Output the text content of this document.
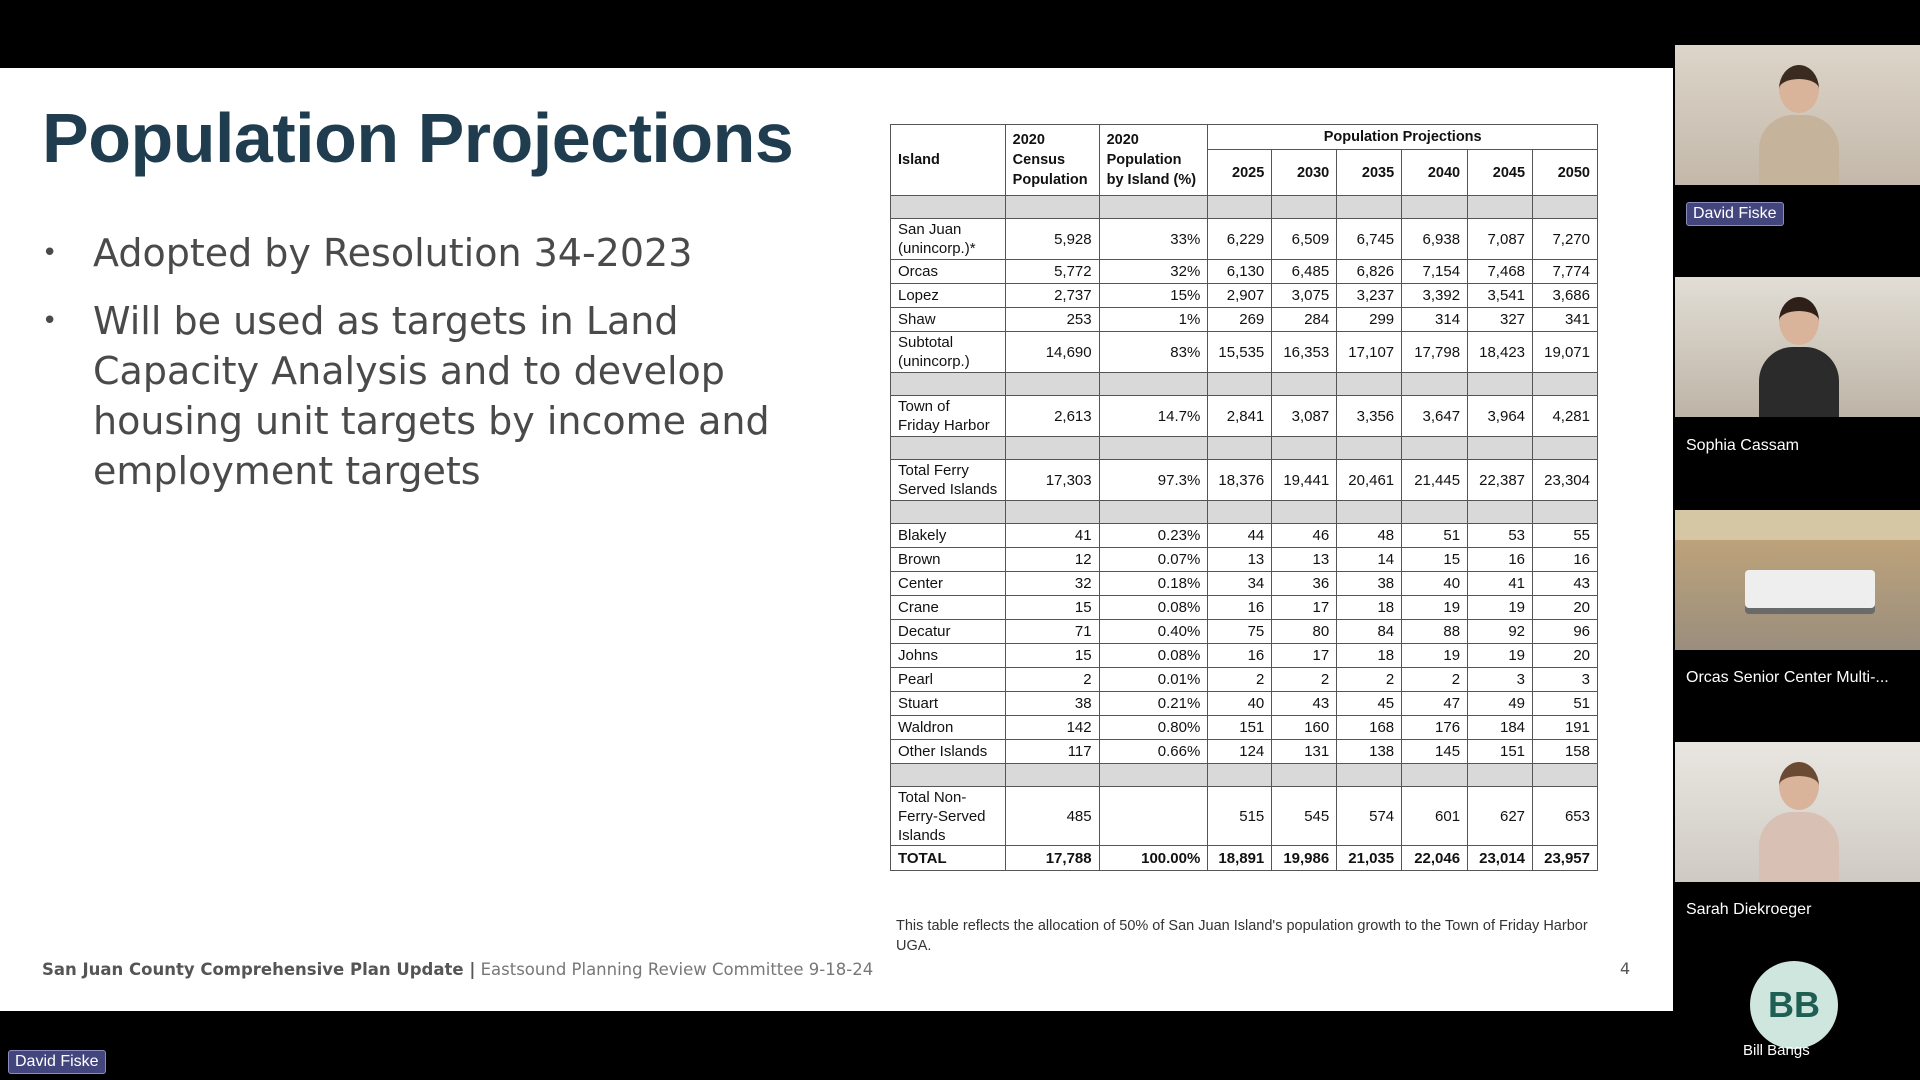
Population Projections
• Adopted by Resolution 34-2023
• Will be used as targets in Land Capacity Analysis and to develop housing unit targets by income and employment targets
Island	2020
Census
Population	2020
Population
by Island (%)	Population Projections					
			2025	2030	2035	2040	2045	2050

San Juan
(unincorp.)*	5,928	33%	6,229	6,509	6,745	6,938	7,087	7,270
Orcas	5,772	32%	6,130	6,485	6,826	7,154	7,468	7,774
Lopez	2,737	15%	2,907	3,075	3,237	3,392	3,541	3,686
Shaw	253	1%	269	284	299	314	327	341
Subtotal
(unincorp.)	14,690	83%	15,535	16,353	17,107	17,798	18,423	19,071

Town of
Friday Harbor	2,613	14.7%	2,841	3,087	3,356	3,647	3,964	4,281

Total Ferry
Served Islands	17,303	97.3%	18,376	19,441	20,461	21,445	22,387	23,304

Blakely	41	0.23%	44	46	48	51	53	55
Brown	12	0.07%	13	13	14	15	16	16
Center	32	0.18%	34	36	38	40	41	43
Crane	15	0.08%	16	17	18	19	19	20
Decatur	71	0.40%	75	80	84	88	92	96
Johns	15	0.08%	16	17	18	19	19	20
Pearl	2	0.01%	2	2	2	2	3	3
Stuart	38	0.21%	40	43	45	47	49	51
Waldron	142	0.80%	151	160	168	176	184	191
Other Islands	117	0.66%	124	131	138	145	151	158

Total Non-
Ferry-Served
Islands	485		515	545	574	601	627	653
TOTAL	17,788	100.00%	18,891	19,986	21,035	22,046	23,014	23,957

This table reflects the allocation of 50% of San Juan Island's population growth to the Town of Friday Harbor UGA.

San Juan County Comprehensive Plan Update | Eastsound Planning Review Committee 9-18-24	4
David Fiske
David Fiske
Sophia Cassam
Orcas Senior Center Multi-...
Sarah Diekroeger
BB
Bill Bangs
